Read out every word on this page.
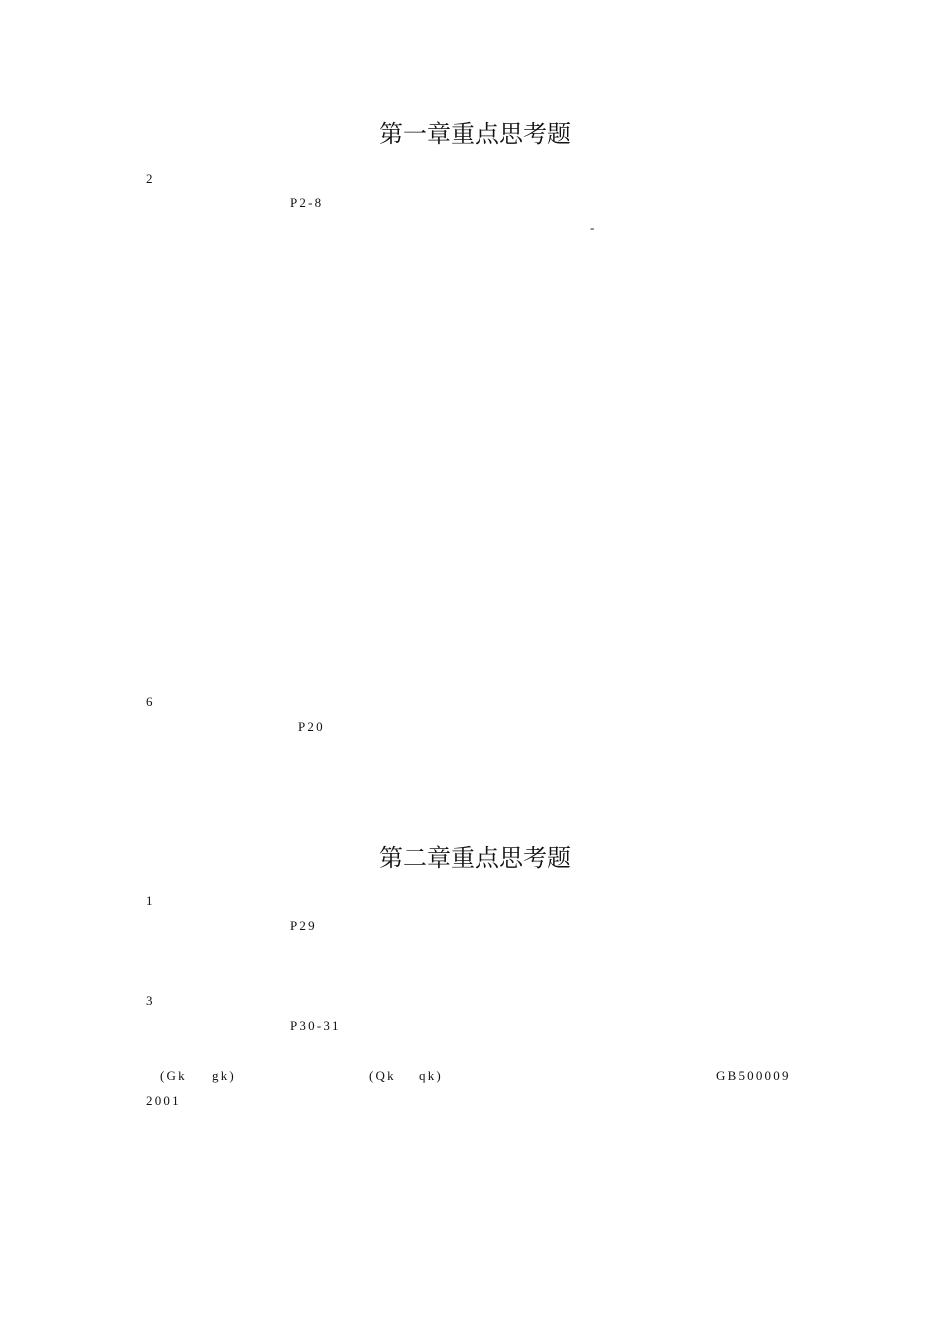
第一章重点思考题

2

P2-8

-

6

P20

第二章重点思考题

1

P29

3

P30-31

(Gk

gk)

	(Qk

qk)

	GB500009

2001
